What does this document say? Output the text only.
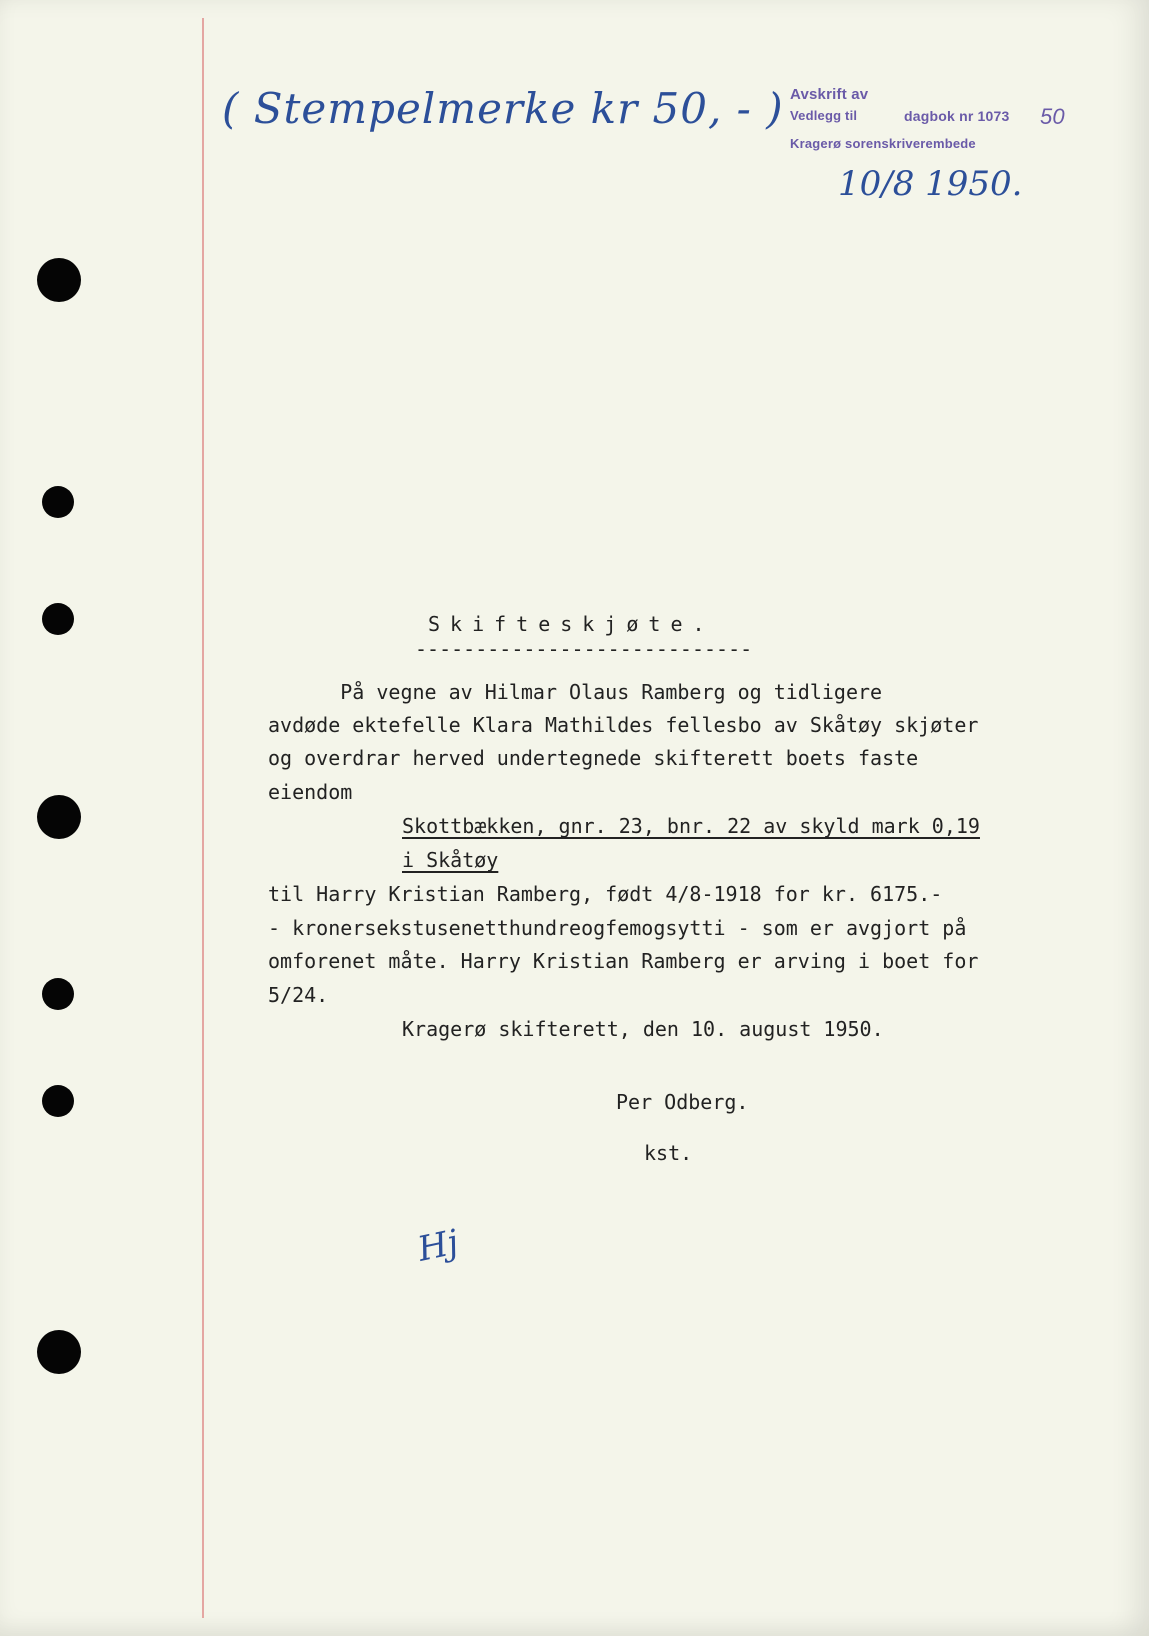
( Stempelmerke kr 50, - ) Avskrift av
dagbok nr 1073 50
Vedlegg til
Kragerø sorenskriverembede
10/8 1950.
Skifteskjøte.
----------------------------
På vegne av Hilmar Olaus Ramberg og tidligere
avdøde ektefelle Klara Mathildes fellesbo av Skåtøy skjøter
og overdrar herved undertegnede skifterett boets faste
eiendom
Skottbækken, gnr. 23, bnr. 22 av skyld mark 0,19
i Skåtøy
til Harry Kristian Ramberg, født 4/8-1918 for kr. 6175.-
- kronersekstusenetthundreogfemogsytti - som er avgjort på
omforenet måte. Harry Kristian Ramberg er arving i boet for
5/24.
Kragerø skifterett, den 10. august 1950.
Per Odberg.
kst.
Hj
